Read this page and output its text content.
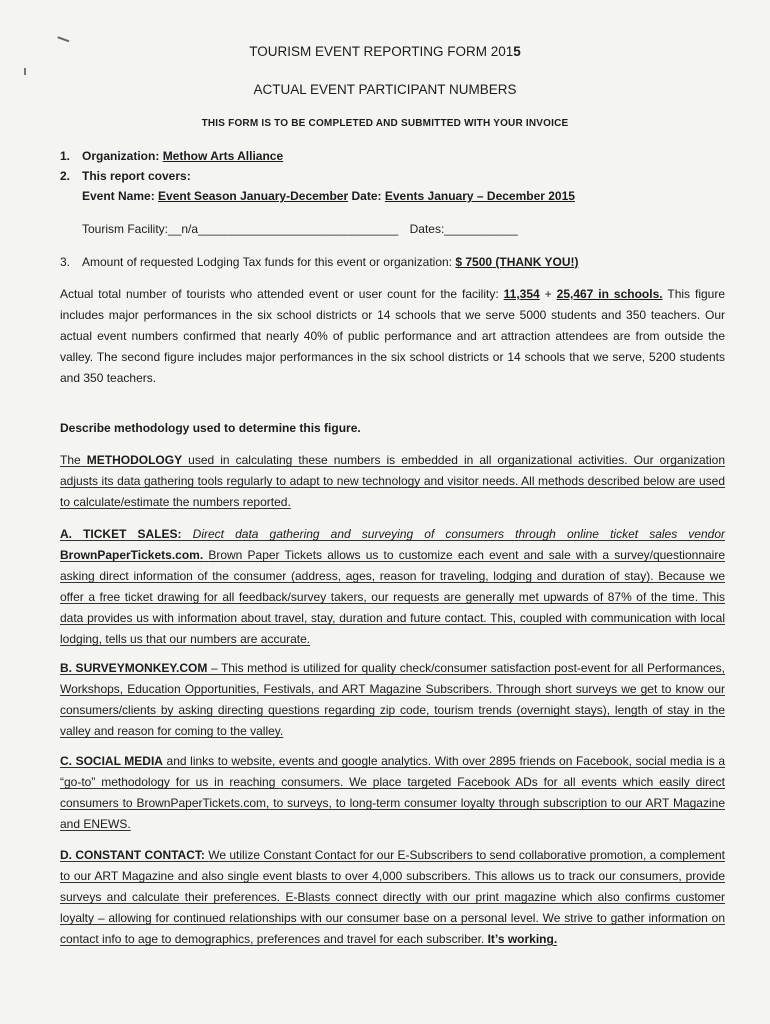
TOURISM EVENT REPORTING FORM 2015
ACTUAL EVENT PARTICIPANT NUMBERS
THIS FORM IS TO BE COMPLETED AND SUBMITTED WITH YOUR INVOICE
1. Organization: Methow Arts Alliance
2. This report covers:
Event Name: Event Season January-December Date: Events January – December 2015
Tourism Facility:__n/a______________________________ Dates:___________
3. Amount of requested Lodging Tax funds for this event or organization: $ 7500 (THANK YOU!)
Actual total number of tourists who attended event or user count for the facility: 11,354 + 25,467 in schools. This figure includes major performances in the six school districts or 14 schools that we serve 5000 students and 350 teachers. Our actual event numbers confirmed that nearly 40% of public performance and art attraction attendees are from outside the valley. The second figure includes major performances in the six school districts or 14 schools that we serve, 5200 students and 350 teachers.
Describe methodology used to determine this figure.
The METHODOLOGY used in calculating these numbers is embedded in all organizational activities. Our organization adjusts its data gathering tools regularly to adapt to new technology and visitor needs. All methods described below are used to calculate/estimate the numbers reported.
A. TICKET SALES: Direct data gathering and surveying of consumers through online ticket sales vendor BrownPaperTickets.com. Brown Paper Tickets allows us to customize each event and sale with a survey/questionnaire asking direct information of the consumer (address, ages, reason for traveling, lodging and duration of stay). Because we offer a free ticket drawing for all feedback/survey takers, our requests are generally met upwards of 87% of the time. This data provides us with information about travel, stay, duration and future contact. This, coupled with communication with local lodging, tells us that our numbers are accurate.
B. SURVEYMONKEY.COM – This method is utilized for quality check/consumer satisfaction post-event for all Performances, Workshops, Education Opportunities, Festivals, and ART Magazine Subscribers. Through short surveys we get to know our consumers/clients by asking directing questions regarding zip code, tourism trends (overnight stays), length of stay in the valley and reason for coming to the valley.
C. SOCIAL MEDIA and links to website, events and google analytics. With over 2895 friends on Facebook, social media is a “go-to” methodology for us in reaching consumers. We place targeted Facebook ADs for all events which easily direct consumers to BrownPaperTickets.com, to surveys, to long-term consumer loyalty through subscription to our ART Magazine and ENEWS.
D. CONSTANT CONTACT: We utilize Constant Contact for our E-Subscribers to send collaborative promotion, a complement to our ART Magazine and also single event blasts to over 4,000 subscribers. This allows us to track our consumers, provide surveys and calculate their preferences. E-Blasts connect directly with our print magazine which also confirms customer loyalty – allowing for continued relationships with our consumer base on a personal level. We strive to gather information on contact info to age to demographics, preferences and travel for each subscriber. It’s working.
